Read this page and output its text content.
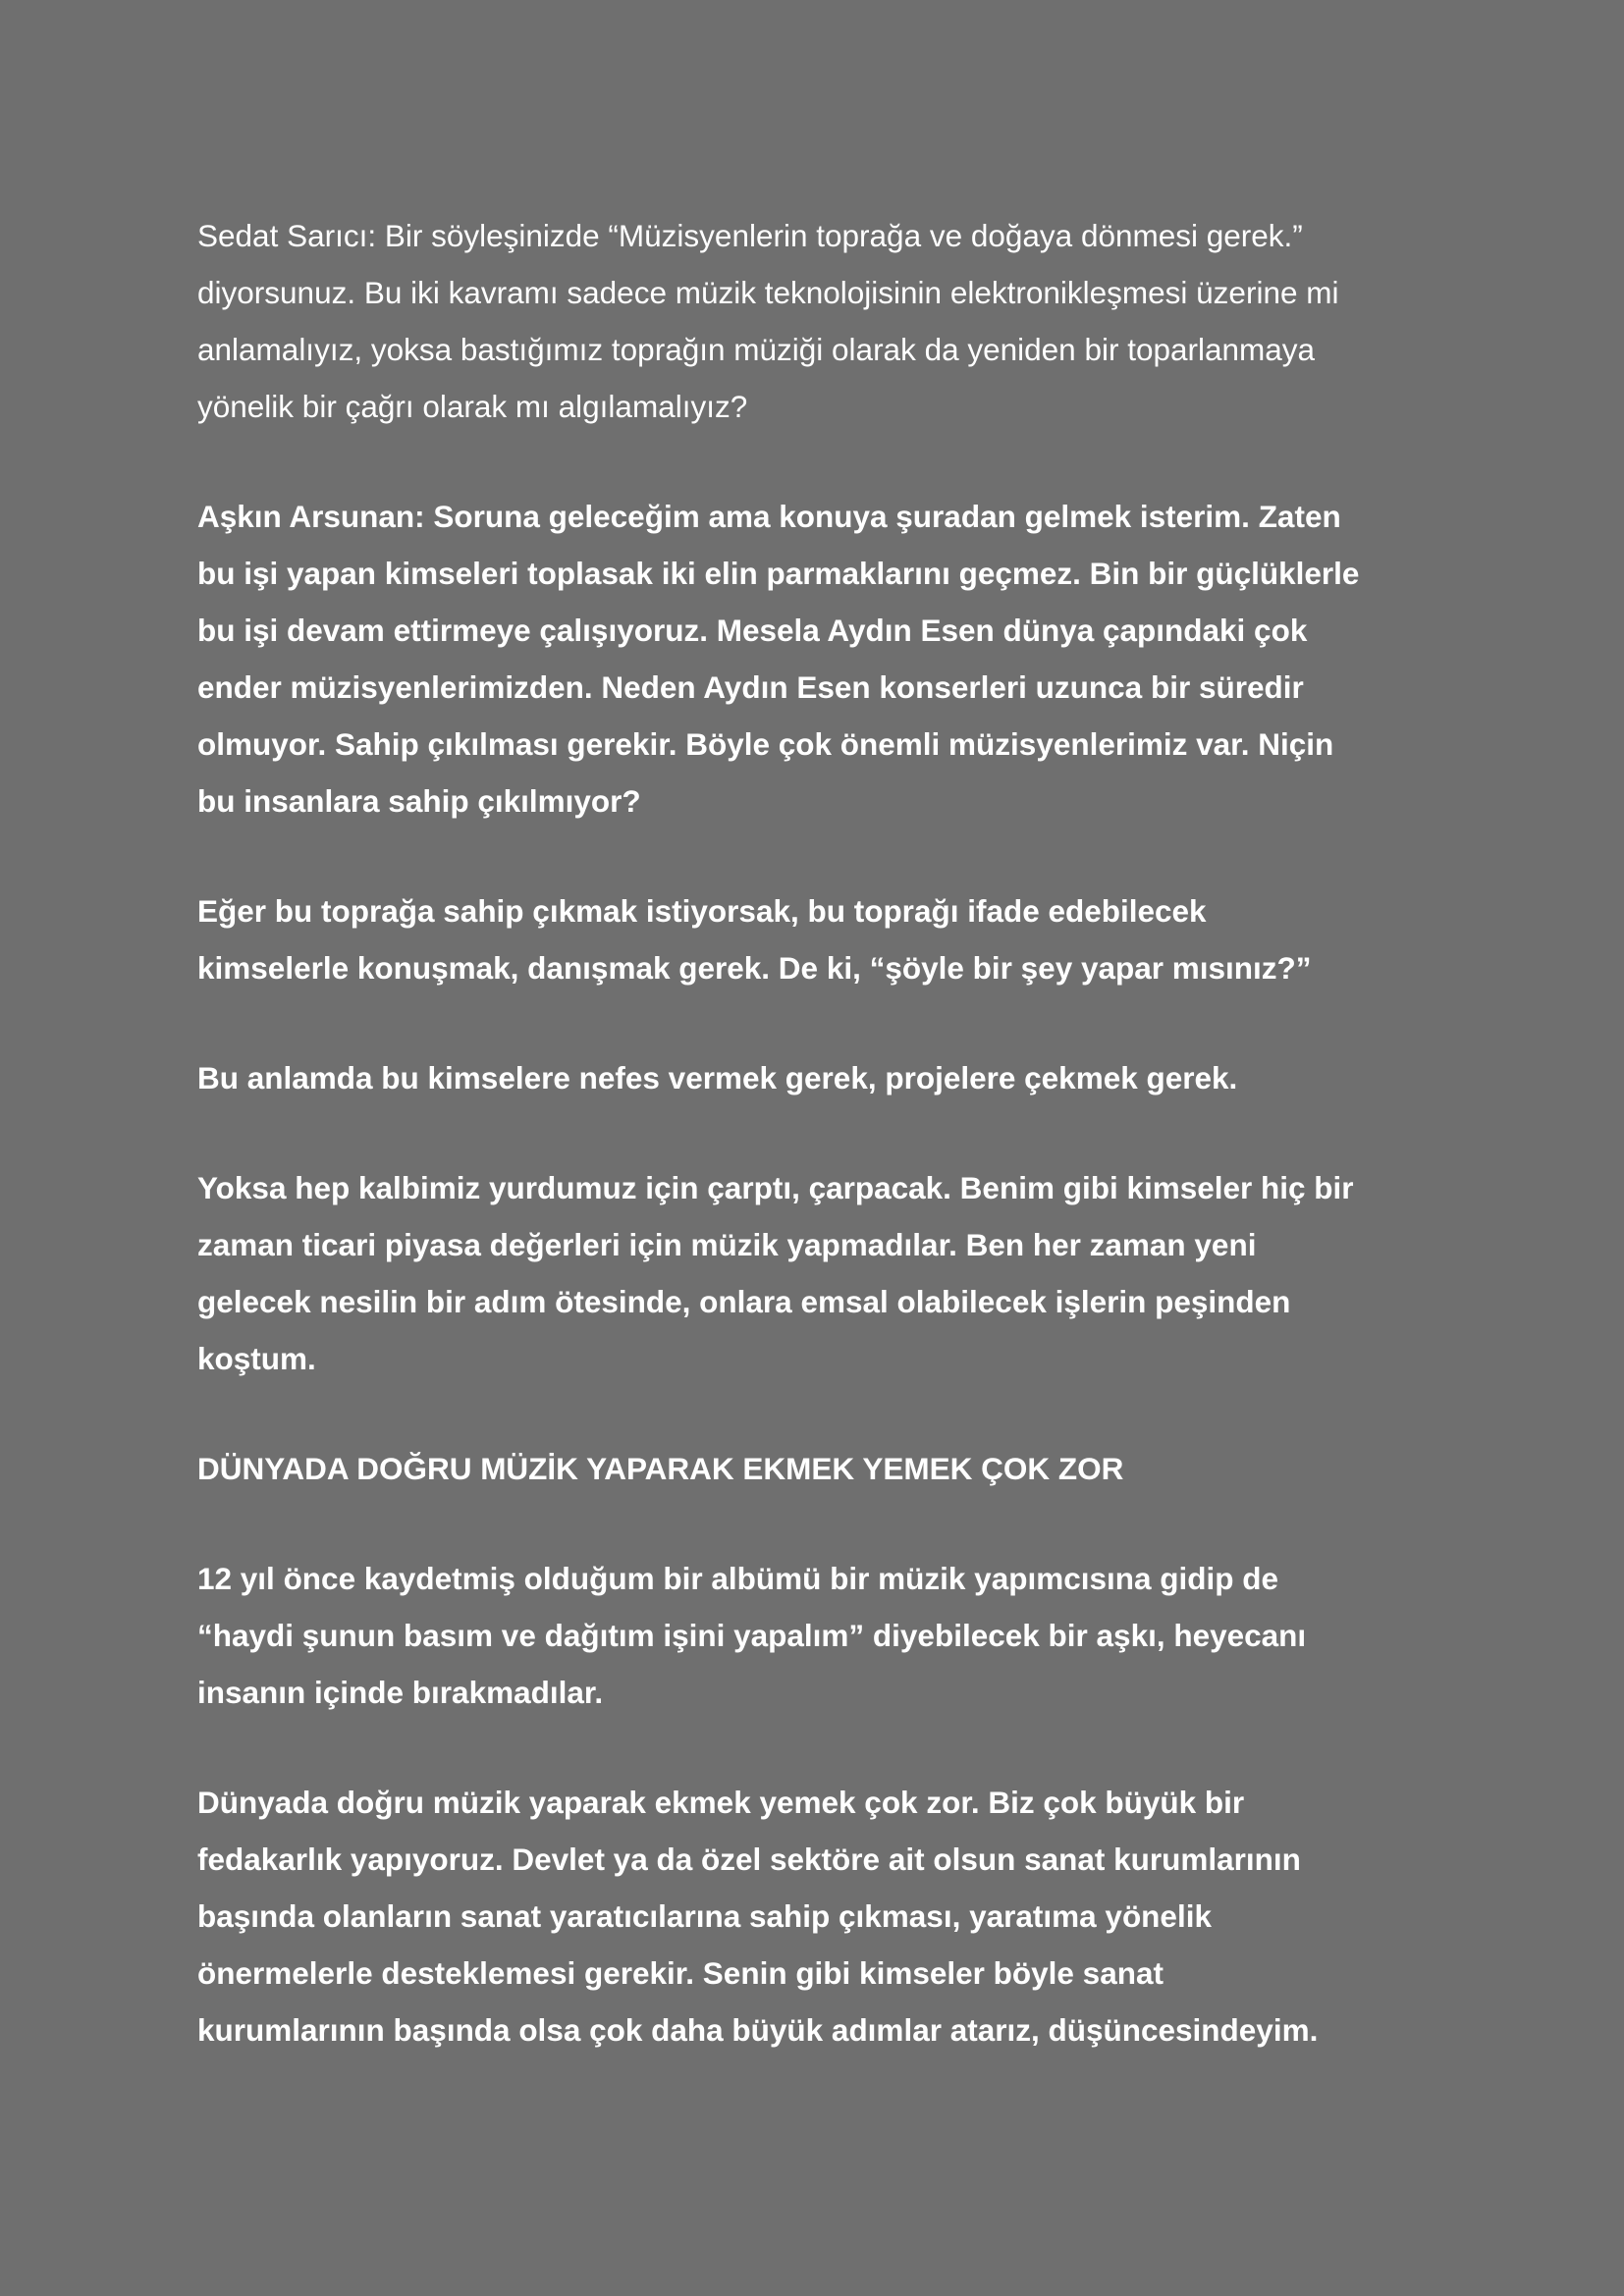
Sedat Sarıcı: Bir söyleşinizde “Müzisyenlerin toprağa ve doğaya dönmesi gerek.”
diyorsunuz. Bu iki kavramı sadece müzik teknolojisinin elektronikleşmesi üzerine mi
anlamalıyız, yoksa bastığımız toprağın müziği olarak da yeniden bir toparlanmaya
yönelik bir çağrı olarak mı algılamalıyız?

Aşkın Arsunan: Soruna geleceğim ama konuya şuradan gelmek isterim. Zaten
bu işi yapan kimseleri toplasak iki elin parmaklarını geçmez. Bin bir güçlüklerle
bu işi devam ettirmeye çalışıyoruz. Mesela Aydın Esen dünya çapındaki çok
ender müzisyenlerimizden. Neden Aydın Esen konserleri uzunca bir süredir
olmuyor. Sahip çıkılması gerekir. Böyle çok önemli müzisyenlerimiz var. Niçin
bu insanlara sahip çıkılmıyor?

Eğer bu toprağa sahip çıkmak istiyorsak, bu toprağı ifade edebilecek
kimselerle konuşmak, danışmak gerek. De ki, “şöyle bir şey yapar mısınız?”

Bu anlamda bu kimselere nefes vermek gerek, projelere çekmek gerek.

Yoksa hep kalbimiz yurdumuz için çarptı, çarpacak. Benim gibi kimseler hiç bir
zaman ticari piyasa değerleri için müzik yapmadılar. Ben her zaman yeni
gelecek nesilin bir adım ötesinde, onlara emsal olabilecek işlerin peşinden
koştum.

DÜNYADA DOĞRU MÜZİK YAPARAK EKMEK YEMEK ÇOK ZOR

12 yıl önce kaydetmiş olduğum bir albümü bir müzik yapımcısına gidip de
“haydi şunun basım ve dağıtım işini yapalım” diyebilecek bir aşkı, heyecanı
insanın içinde bırakmadılar.

Dünyada doğru müzik yaparak ekmek yemek çok zor. Biz çok büyük bir
fedakarlık yapıyoruz. Devlet ya da özel sektöre ait olsun sanat kurumlarının
başında olanların sanat yaratıcılarına sahip çıkması, yaratıma yönelik
önermelerle desteklemesi gerekir. Senin gibi kimseler böyle sanat
kurumlarının başında olsa çok daha büyük adımlar atarız, düşüncesindeyim.
